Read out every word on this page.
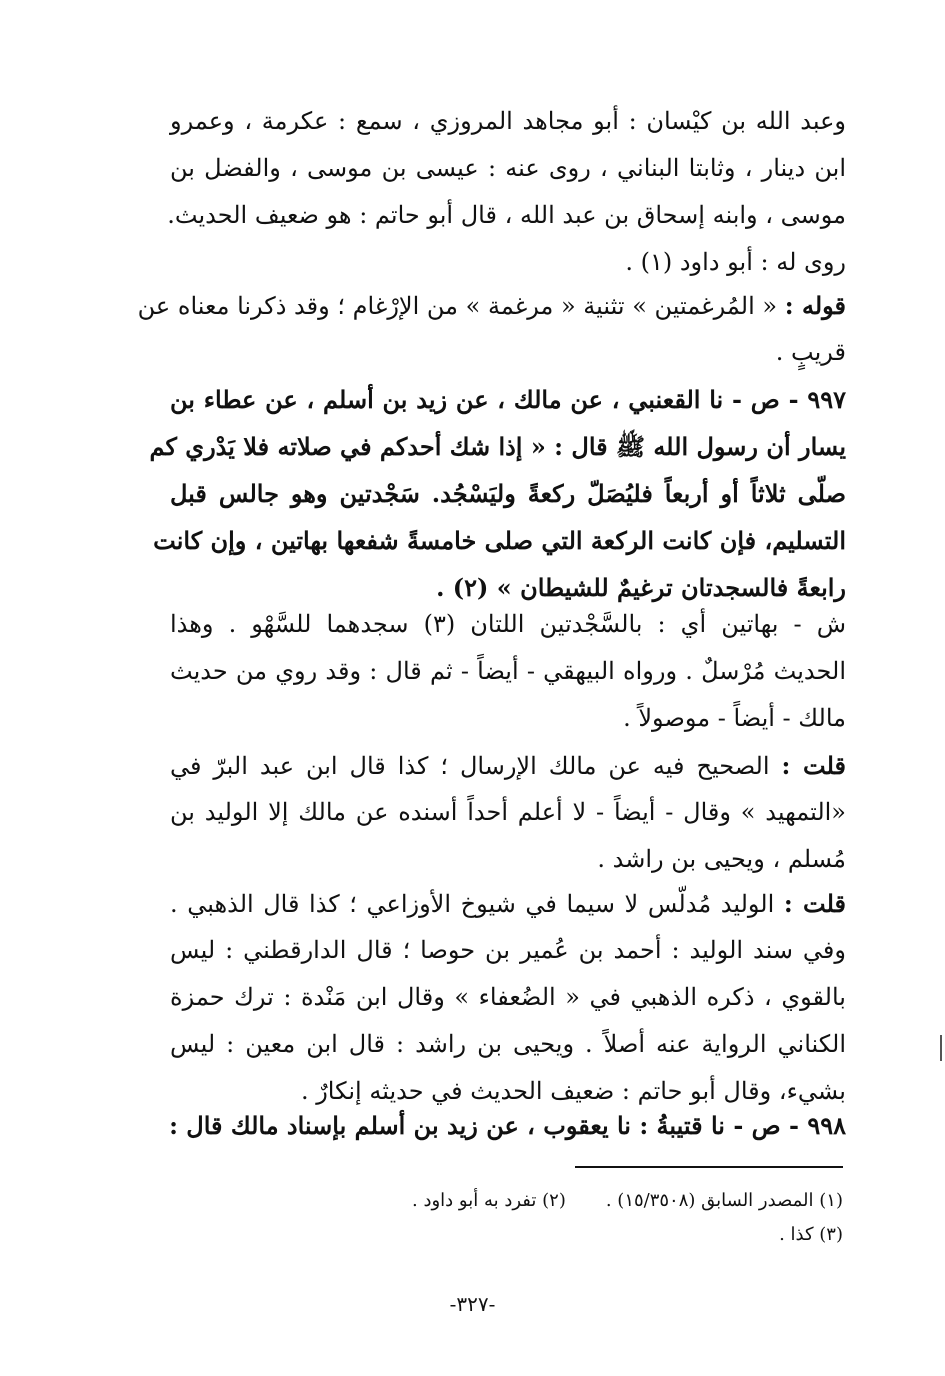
وعبد الله بن كيْسان : أبو مجاهد المروزي ، سمع : عكرمة ، وعمرو
ابن دينار ، وثابتا البناني ، روى عنه : عيسى بن موسى ، والفضل بن
موسى ، وابنه إسحاق بن عبد الله ، قال أبو حاتم : هو ضعيف الحديث.
روى له : أبو داود (١) .
قوله : « المُرغمتين » تثنية « مرغمة » من الإرْغام ؛ وقد ذكرنا معناه عن
قريبٍ .
٩٩٧ - ص - نا القعنبي ، عن مالك ، عن زيد بن أسلم ، عن عطاء بن
يسار أن رسول الله ﷺ قال : « إذا شك أحدكم في صلاته فلا يَدْري كم
صلّى ثلاثاً أو أربعاً فليُصَلّ ركعةً وليَسْجُد. سَجْدتين وهو جالس قبل
التسليم، فإن كانت الركعة التي صلى خامسةً شفعها بهاتين ، وإن كانت
رابعةً فالسجدتان ترغيمٌ للشيطان » (٢) .
ش - بهاتين أي : بالسَّجْدتين اللتان (٣) سجدهما للسَّهْو . وهذا
الحديث مُرْسلٌ . ورواه البيهقي - أيضاً - ثم قال : وقد روي من حديث
مالك - أيضاً - موصولاً .
قلت : الصحيح فيه عن مالك الإرسال ؛ كذا قال ابن عبد البرّ في
«التمهيد » وقال - أيضاً - لا أعلم أحداً أسنده عن مالك إلا الوليد بن
مُسلم ، ويحيى بن راشد .
قلت : الوليد مُدلّس لا سيما في شيوخ الأوزاعي ؛ كذا قال الذهبي .
وفي سند الوليد : أحمد بن عُمير بن حوصا ؛ قال الدارقطني : ليس
بالقوي ، ذكره الذهبي في « الضُعفاء » وقال ابن مَنْدة : ترك حمزة
الكناني الرواية عنه أصلاً . ويحيى بن راشد : قال ابن معين : ليس
بشيء، وقال أبو حاتم : ضعيف الحديث في حديثه إنكارٌ .
٩٩٨ - ص - نا قتيبةُ : نا يعقوب ، عن زيد بن أسلم بإسناد مالك قال :
(١) المصدر السابق (١٥/٣٥٠٨) .(٢) تفرد به أبو داود .
(٣) كذا .
-٣٢٧-
